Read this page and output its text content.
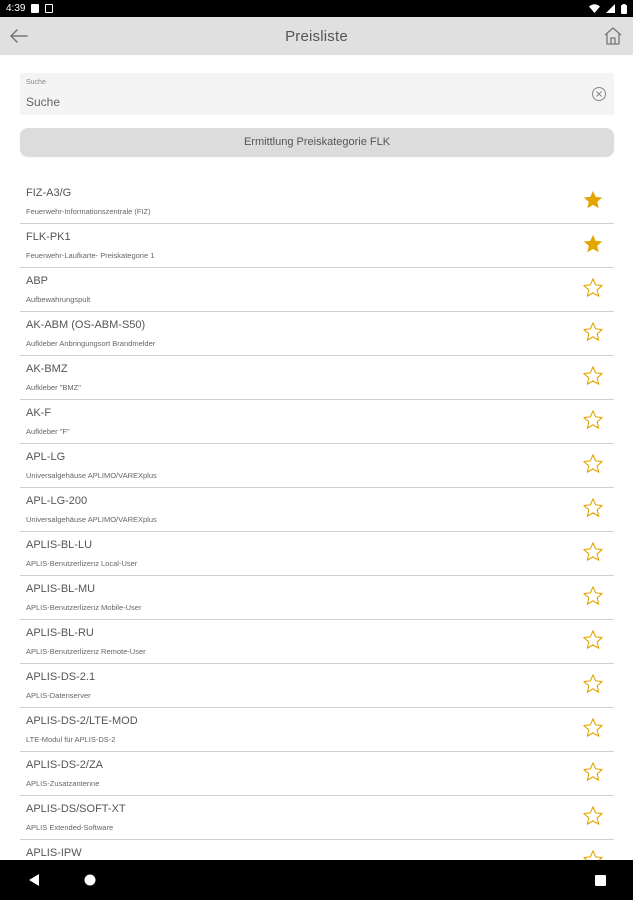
4:39
Preisliste
Suche
Suche
Ermittlung Preiskategorie FLK
FIZ-A3/G
Feuerwehr-Informationszentrale (FIZ)
FLK-PK1
Feuerwehr-Laufkarte- Preiskategorie 1
ABP
Aufbewahrungspult
AK-ABM (OS-ABM-S50)
Aufkleber Anbringungsort Brandmelder
AK-BMZ
Aufkleber "BMZ"
AK-F
Aufkleber "F"
APL-LG
Universalgehäuse APLIMO/VAREXplus
APL-LG-200
Universalgehäuse APLIMO/VAREXplus
APLIS-BL-LU
APLIS-Benutzerlizenz Local-User
APLIS-BL-MU
APLIS-Benutzerlizenz Mobile-User
APLIS-BL-RU
APLIS-Benutzerlizenz Remote-User
APLIS-DS-2.1
APLIS-Datenserver
APLIS-DS-2/LTE-MOD
LTE-Modul für APLIS-DS-2
APLIS-DS-2/ZA
APLIS-Zusatzantenne
APLIS-DS/SOFT-XT
APLIS Extended-Software
APLIS-IPW
